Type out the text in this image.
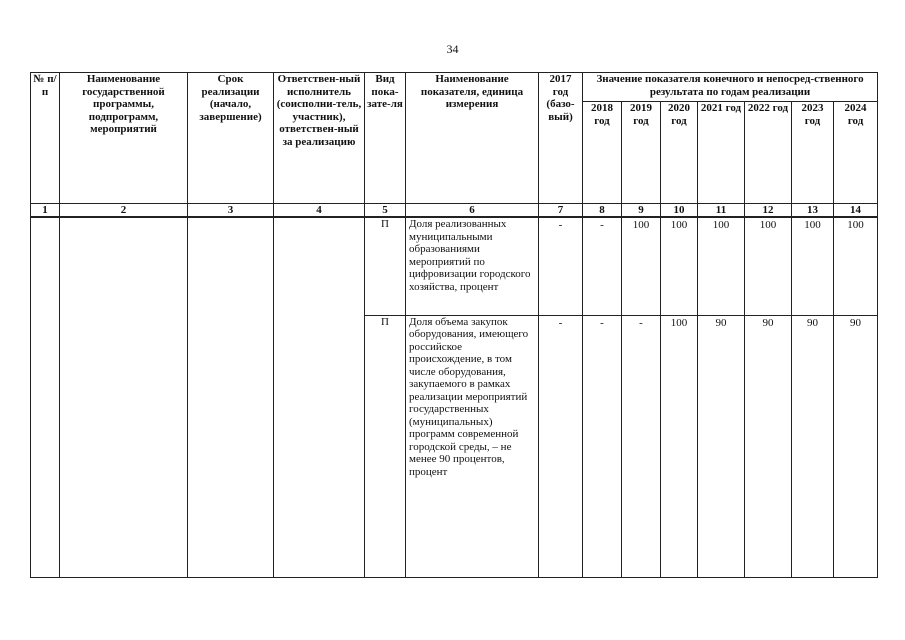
34
№ п/п	Наименование государственной программы, подпрограмм, мероприятий	Срок реализации (начало, завершение)	Ответствен-ный исполнитель (соисполни-тель, участник), ответствен-ный за реализацию	Вид пока-зате-ля	Наименование показателя, единица измерения	2017 год (базо-вый)	Значение показателя конечного и непосред-ственного результата по годам реализации						
							2018 год	2019 год	2020 год	2021 год	2022 год	2023 год	2024 год
1	2	3	4	5	6	7	8	9	10	11	12	13	14
				П	Доля реализованных муниципальными образованиями мероприятий по цифровизации городского хозяйства, процент	-	-	100	100	100	100	100	100
				П	Доля объема закупок оборудования, имеющего российское происхождение, в том числе оборудования, закупаемого в рамках реализации мероприятий государственных (муниципальных) программ современной городской среды, – не менее 90 процентов, процент	-	-	-	100	90	90	90	90
